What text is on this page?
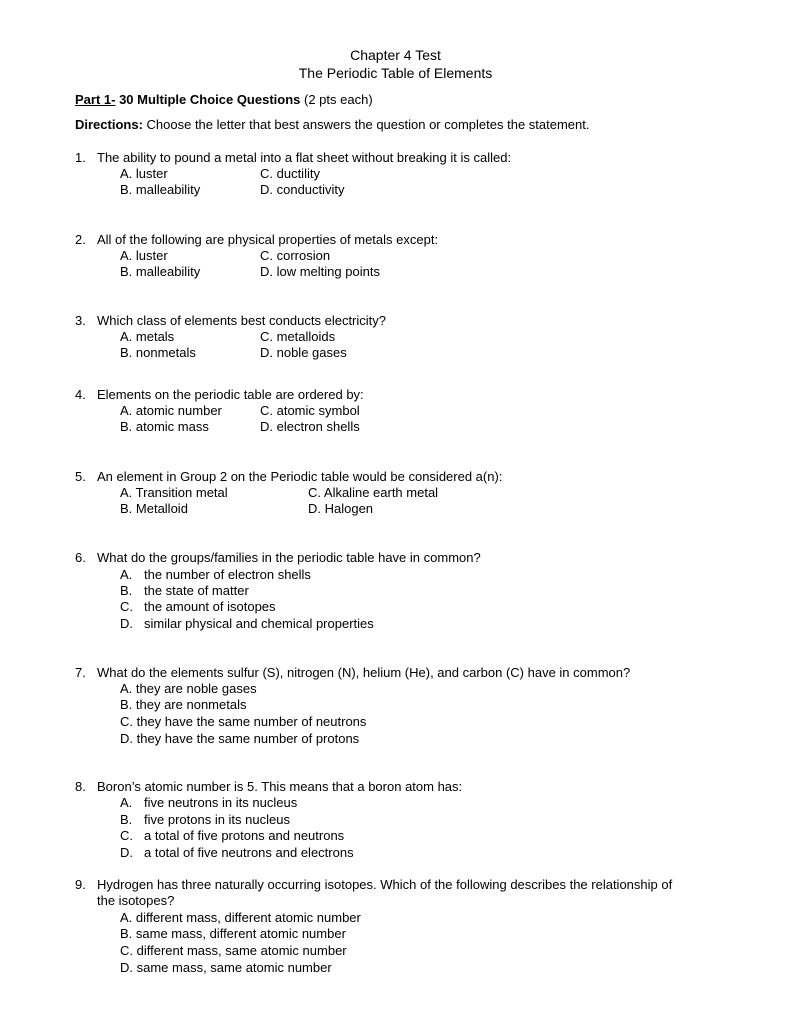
Chapter 4 Test
The Periodic Table of Elements
Part 1- 30 Multiple Choice Questions (2 pts each)
Directions: Choose the letter that best answers the question or completes the statement.
1. The ability to pound a metal into a flat sheet without breaking it is called:
A. luster	C. ductility
B. malleability	D. conductivity
2. All of the following are physical properties of metals except:
A. luster	C. corrosion
B. malleability	D. low melting points
3. Which class of elements best conducts electricity?
A. metals	C. metalloids
B. nonmetals	D. noble gases
4. Elements on the periodic table are ordered by:
A. atomic number	C. atomic symbol
B. atomic mass	D. electron shells
5. An element in Group 2 on the Periodic table would be considered a(n):
A. Transition metal	C. Alkaline earth metal
B. Metalloid	D. Halogen
6. What do the groups/families in the periodic table have in common?
A. the number of electron shells
B. the state of matter
C. the amount of isotopes
D. similar physical and chemical properties
7. What do the elements sulfur (S), nitrogen (N), helium (He), and carbon (C) have in common?
A. they are noble gases
B. they are nonmetals
C. they have the same number of neutrons
D. they have the same number of protons
8. Boron’s atomic number is 5. This means that a boron atom has:
A. five neutrons in its nucleus
B. five protons in its nucleus
C. a total of five protons and neutrons
D. a total of five neutrons and electrons
9. Hydrogen has three naturally occurring isotopes. Which of the following describes the relationship of
the isotopes?
A. different mass, different atomic number
B. same mass, different atomic number
C. different mass, same atomic number
D. same mass, same atomic number
